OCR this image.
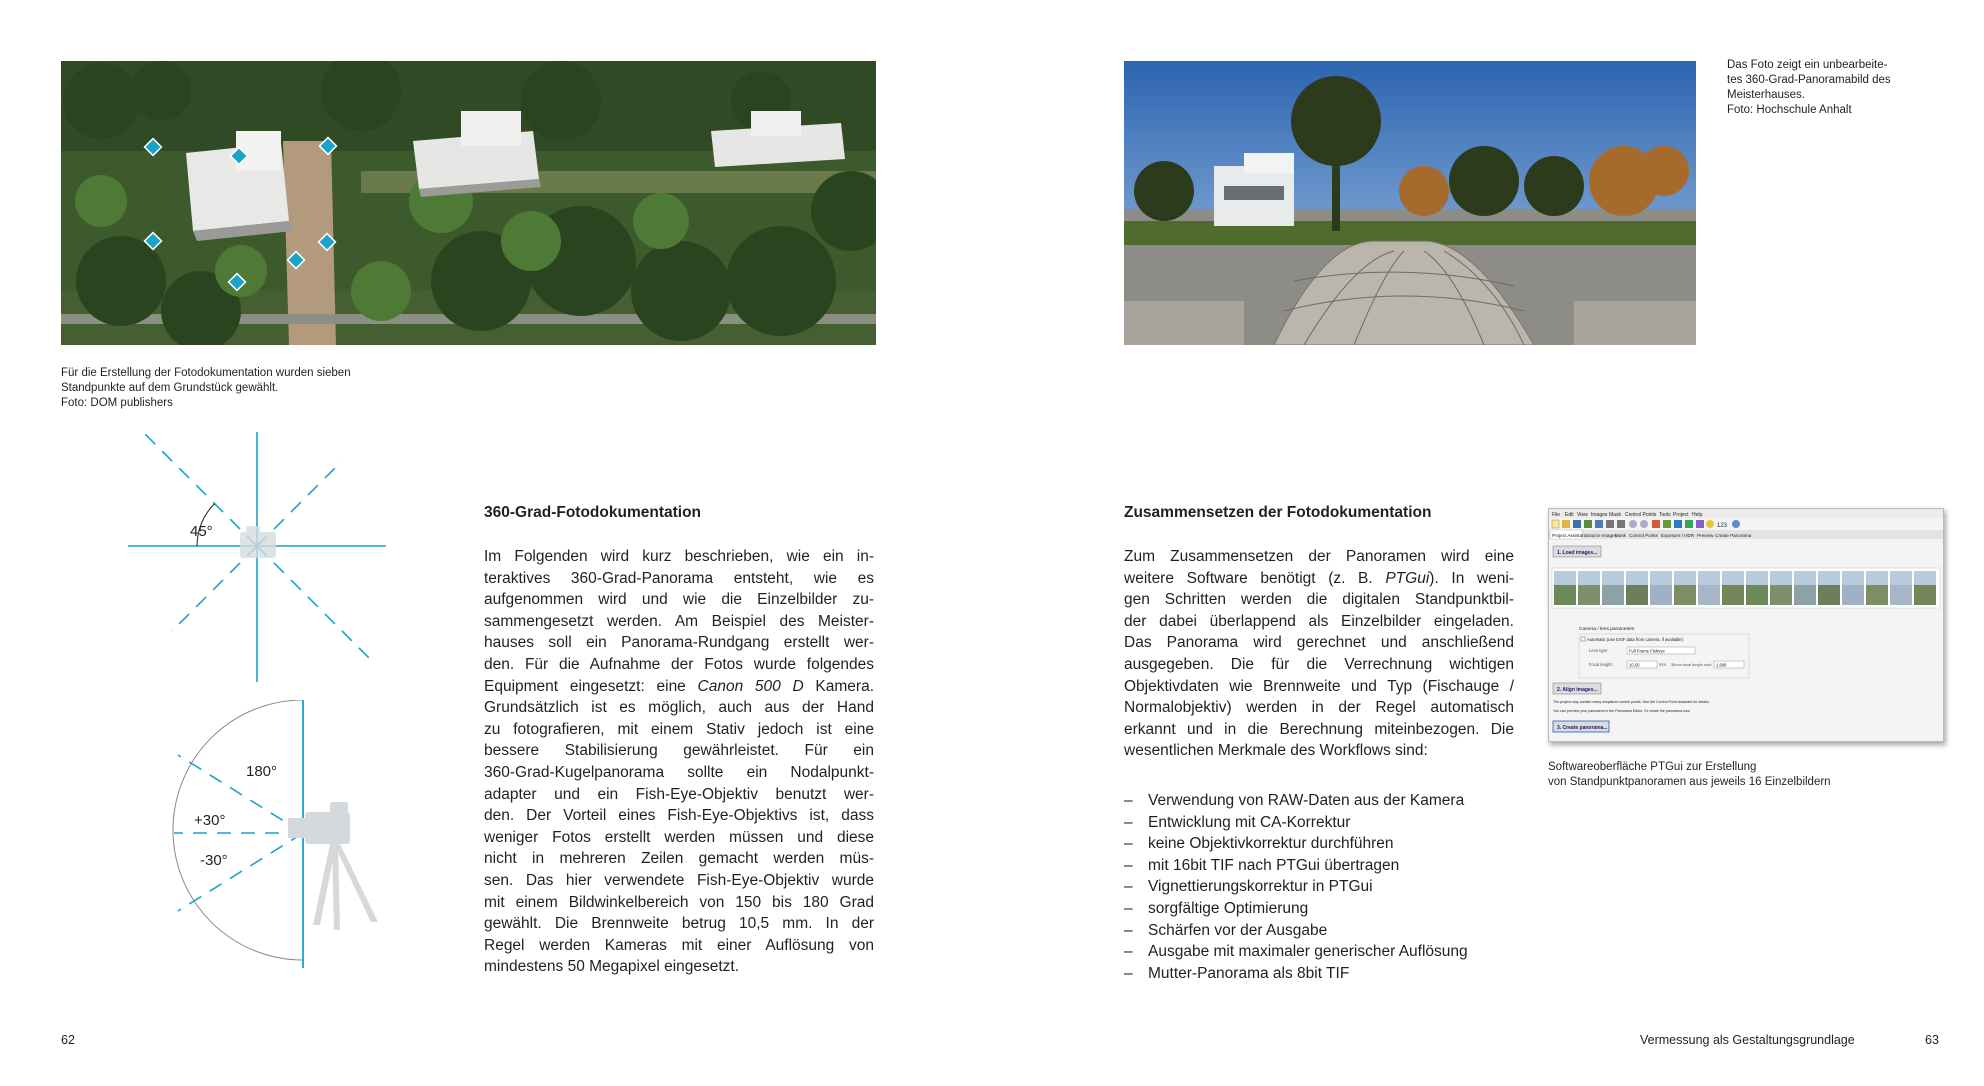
Für die Erstellung der Fotodokumentation wurden sieben
Standpunkte auf dem Grundstück gewählt.
Foto: DOM publishers
45°
180°
+30°
-30°
360-Grad-Fotodokumentation
Im Folgenden wird kurz beschrieben, wie ein in-
teraktives 360-Grad-Panorama entsteht, wie es
aufgenommen wird und wie die Einzelbilder zu-
sammengesetzt werden. Am Beispiel des Meister-
hauses soll ein Panorama-Rundgang erstellt wer-
den. Für die Aufnahme der Fotos wurde folgendes
Equipment eingesetzt: eine Canon 500 D Kamera.
Grundsätzlich ist es möglich, auch aus der Hand
zu fotografieren, mit einem Stativ jedoch ist eine
bessere Stabilisierung gewährleistet. Für ein
360-Grad-Kugelpanorama sollte ein Nodalpunkt-
adapter und ein Fish-Eye-Objektiv benutzt wer-
den. Der Vorteil eines Fish-Eye-Objektivs ist, dass
weniger Fotos erstellt werden müssen und diese
nicht in mehreren Zeilen gemacht werden müs-
sen. Das hier verwendete Fish-Eye-Objektiv wurde
mit einem Bildwinkelbereich von 150 bis 180 Grad
gewählt. Die Brennweite betrug 10,5 mm. In der
Regel werden Kameras mit einer Auflösung von
mindestens 50 Megapixel eingesetzt.
62
Das Foto zeigt ein unbearbeite-
tes 360-Grad-Panoramabild des
Meisterhauses.
Foto: Hochschule Anhalt
Zusammensetzen der Fotodokumentation
Zum Zusammensetzen der Panoramen wird eine
weitere Software benötigt (z. B. PTGui). In weni-
gen Schritten werden die digitalen Standpunktbil-
der dabei überlappend als Einzelbilder eingeladen.
Das Panorama wird gerechnet und anschließend
ausgegeben. Die für die Verrechnung wichtigen
Objektivdaten wie Brennweite und Typ (Fischauge /
Normalobjektiv) werden in der Regel automatisch
erkannt und in die Berechnung miteinbezogen. Die
wesentlichen Merkmale des Workflows sind:
– Verwendung von RAW-Daten aus der Kamera
– Entwicklung mit CA-Korrektur
– keine Objektivkorrektur durchführen
– mit 16bit TIF nach PTGui übertragen
– Vignettierungskorrektur in PTGui
– sorgfältige Optimierung
– Schärfen vor der Ausgabe
– Ausgabe mit maximaler generischer Auflösung
– Mutter-Panorama als 8bit TIF
File Edit View Images Mask Control Points Tools Project Help
123
Project Assistant Source Images
Mask Control Points Exposure / HDR Preview Create Panorama
1. Load images...
Camera / lens parameters
Automatic (use EXIF data from camera, if available)
Lens type:	Full Frame Fisheye
Focal length:	10,50	mm 35mm focal length mult: 1,608
2. Align images...
The project may contain many misplaced control points. See the Control Point Assistant for details.
You can preview your panorama in the Panorama Editor. Or create the panorama now.
3. Create panorama...
Softwareoberfläche PTGui zur Erstellung
von Standpunktpanoramen aus jeweils 16 Einzelbildern
Vermessung als Gestaltungsgrundlage	63
